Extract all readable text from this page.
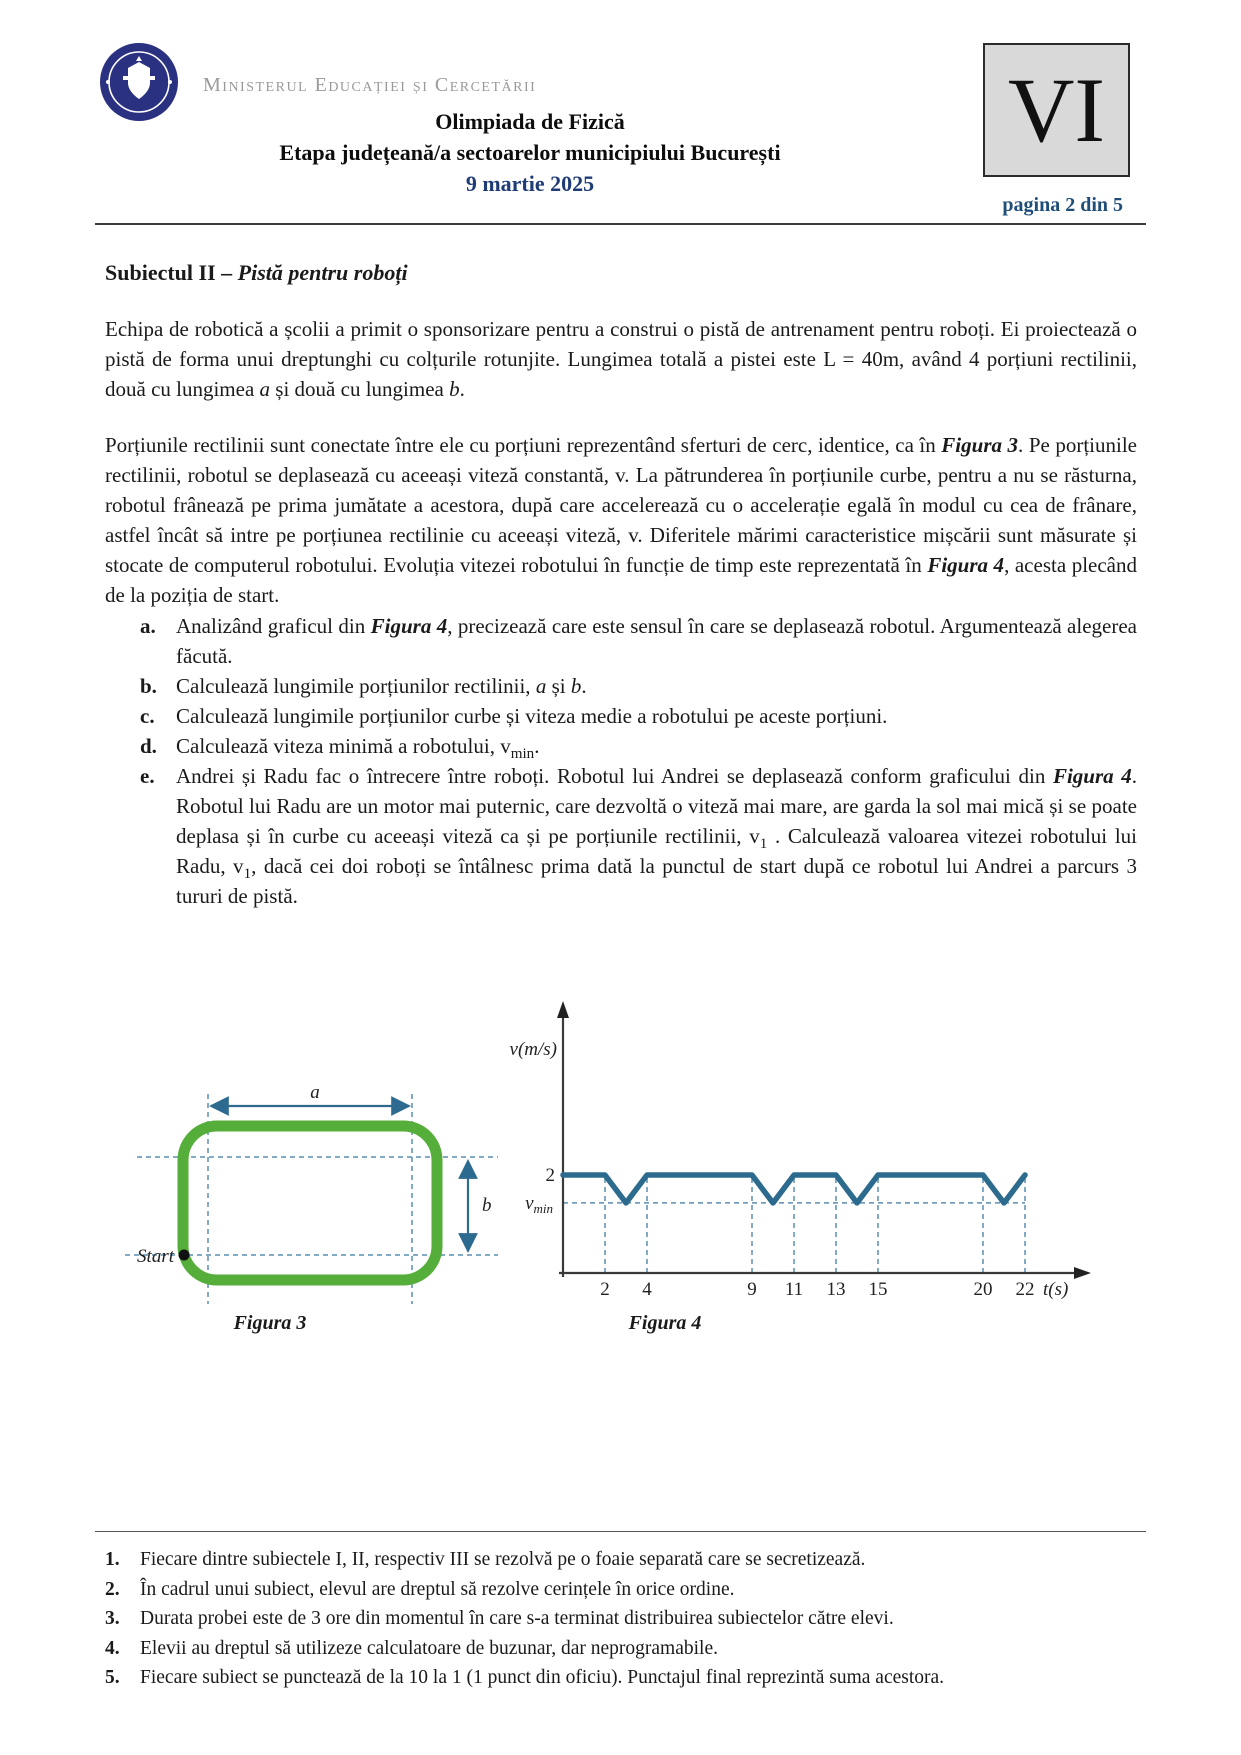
Ministerul Educației și Cercetării
Olimpiada de Fizică
Etapa județeană/a sectoarelor municipiului București
9 martie 2025
VI
pagina 2 din 5
Subiectul II – Pistă pentru roboți

Echipa de robotică a școlii a primit o sponsorizare pentru a construi o pistă de antrenament pentru roboți. Ei proiectează o pistă de forma unui dreptunghi cu colțurile rotunjite. Lungimea totală a pistei este L = 40m, având 4 porțiuni rectilinii, două cu lungimea a și două cu lungimea b.

Porțiunile rectilinii sunt conectate între ele cu porțiuni reprezentând sferturi de cerc, identice, ca în Figura 3. Pe porțiunile rectilinii, robotul se deplasează cu aceeași viteză constantă, v. La pătrunderea în porțiunile curbe, pentru a nu se răsturna, robotul frânează pe prima jumătate a acestora, după care accelerează cu o accelerație egală în modul cu cea de frânare, astfel încât să intre pe porțiunea rectilinie cu aceeași viteză, v. Diferitele mărimi caracteristice mișcării sunt măsurate și stocate de computerul robotului. Evoluția vitezei robotului în funcție de timp este reprezentată în Figura 4, acesta plecând de la poziția de start.

a. Analizând graficul din Figura 4, precizează care este sensul în care se deplasează robotul. Argumentează alegerea făcută.
b. Calculează lungimile porțiunilor rectilinii, a și b.
c.	Calculează lungimile porțiunilor curbe și viteza medie a robotului pe aceste porțiuni.
d. Calculează viteza minimă a robotului, $v_{min}$.
e.	Andrei și Radu fac o întrecere între roboți. Robotul lui Andrei se deplasează conform graficului din Figura 4. Robotul lui Radu are un motor mai puternic, care dezvoltă o viteză mai mare, are garda la sol mai mică și se poate deplasa și în curbe cu aceeași viteză ca și pe porțiunile rectilinii, $v_1$ . Calculează valoarea vitezei robotului lui Radu, $v_1$, dacă cei doi roboți se întâlnesc prima dată la punctul de start după ce robotul lui Andrei a parcurs 3 tururi de pistă.
a
b
Start
Figura 3
v(m/s)
2
$v_{min}$
2 4	9 11 13 15	20 22 t(s)
Figura 4
1.	Fiecare dintre subiectele I, II, respectiv III se rezolvă pe o foaie separată care se secretizează.
2.	În cadrul unui subiect, elevul are dreptul să rezolve cerințele în orice ordine.
3.	Durata probei este de 3 ore din momentul în care s-a terminat distribuirea subiectelor către elevi.
4.	Elevii au dreptul să utilizeze calculatoare de buzunar, dar neprogramabile.
5.	Fiecare subiect se punctează de la 10 la 1 (1 punct din oficiu). Punctajul final reprezintă suma acestora.
